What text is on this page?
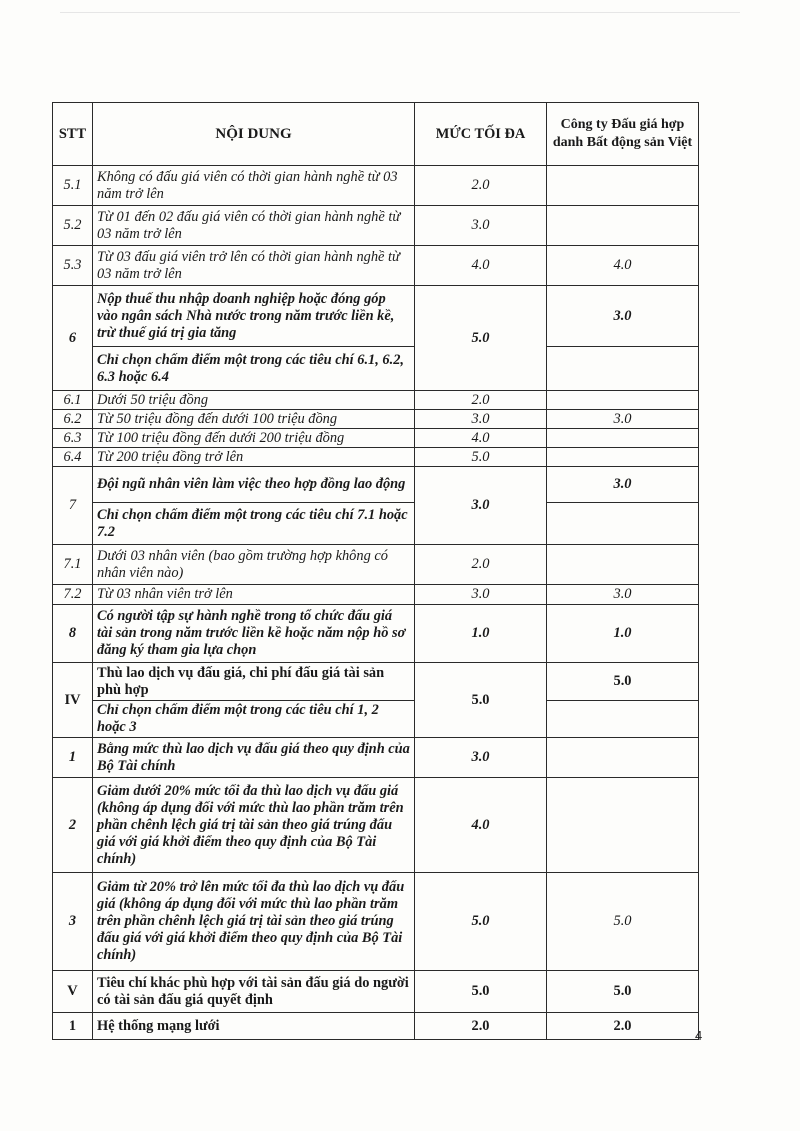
STT	NỘI DUNG	MỨC TỐI ĐA	Công ty Đấu giá hợp danh Bất động sản Việt
5.1	Không có đấu giá viên có thời gian hành nghề từ 03 năm trở lên	2.0	
5.2	Từ 01 đến 02 đấu giá viên có thời gian hành nghề từ 03 năm trở lên	3.0	
5.3	Từ 03 đấu giá viên trở lên có thời gian hành nghề từ 03 năm trở lên	4.0	4.0
6	Nộp thuế thu nhập doanh nghiệp hoặc đóng góp vào ngân sách Nhà nước trong năm trước liền kề, trừ thuế giá trị gia tăng	5.0	3.0
	Chỉ chọn chấm điểm một trong các tiêu chí 6.1, 6.2, 6.3 hoặc 6.4		
6.1	Dưới 50 triệu đồng	2.0	
6.2	Từ 50 triệu đồng đến dưới 100 triệu đồng	3.0	3.0
6.3	Từ 100 triệu đồng đến dưới 200 triệu đồng	4.0	
6.4	Từ 200 triệu đồng trở lên	5.0	
7	Đội ngũ nhân viên làm việc theo hợp đồng lao động	3.0	3.0
	Chỉ chọn chấm điểm một trong các tiêu chí 7.1 hoặc 7.2		
7.1	Dưới 03 nhân viên (bao gồm trường hợp không có nhân viên nào)	2.0	
7.2	Từ 03 nhân viên trở lên	3.0	3.0
8	Có người tập sự hành nghề trong tổ chức đấu giá tài sản trong năm trước liền kề hoặc năm nộp hồ sơ đăng ký tham gia lựa chọn	1.0	1.0
IV	Thù lao dịch vụ đấu giá, chi phí đấu giá tài sản phù hợp	5.0	5.0
	Chỉ chọn chấm điểm một trong các tiêu chí 1, 2 hoặc 3		
1	Bằng mức thù lao dịch vụ đấu giá theo quy định của Bộ Tài chính	3.0	
2	Giảm dưới 20% mức tối đa thù lao dịch vụ đấu giá (không áp dụng đối với mức thù lao phần trăm trên phần chênh lệch giá trị tài sản theo giá trúng đấu giá với giá khởi điểm theo quy định của Bộ Tài chính)	4.0	
3	Giảm từ 20% trở lên mức tối đa thù lao dịch vụ đấu giá (không áp dụng đối với mức thù lao phần trăm trên phần chênh lệch giá trị tài sản theo giá trúng đấu giá với giá khởi điểm theo quy định của Bộ Tài chính)	5.0	5.0
V	Tiêu chí khác phù hợp với tài sản đấu giá do người có tài sản đấu giá quyết định	5.0	5.0
1	Hệ thống mạng lưới	2.0	2.0
4
